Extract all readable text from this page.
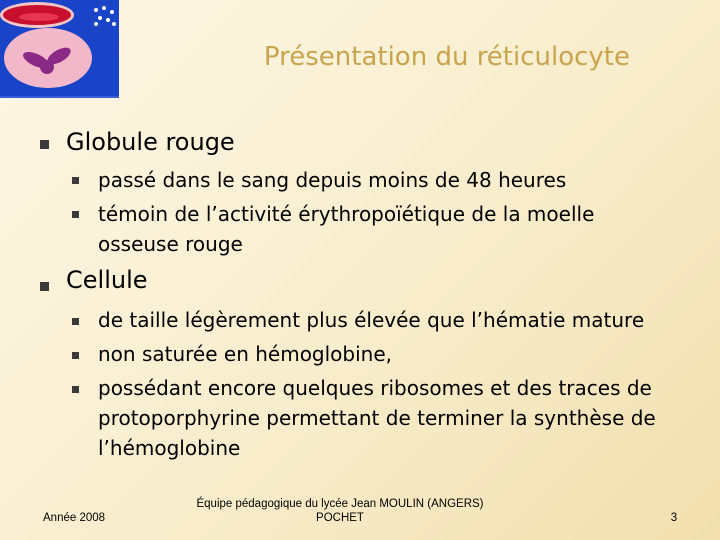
Présentation du réticulocyte
Globule rouge
passé dans le sang depuis moins de 48 heures
témoin de l’activité érythropoïétique de la moelle osseuse rouge
Cellule
de taille légèrement plus élevée que l’hématie mature
non saturée en hémoglobine,
possédant encore quelques ribosomes et des traces de protoporphyrine permettant de terminer la synthèse de l’hémoglobine
Année 2008
Équipe pédagogique du lycée Jean MOULIN (ANGERS)
POCHET	3
